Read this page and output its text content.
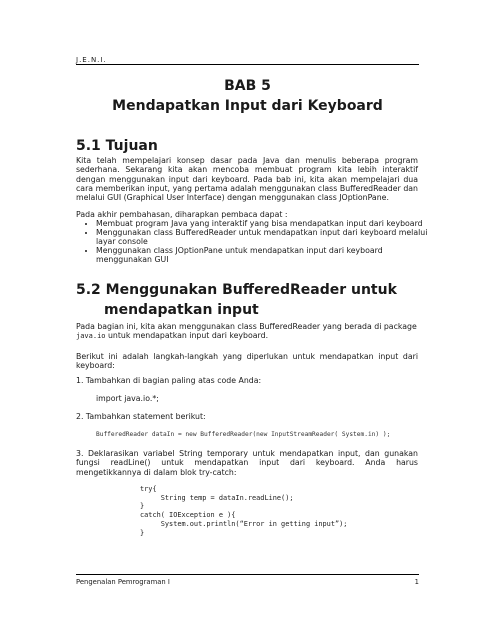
J.E.N.I.
BAB 5
Mendapatkan Input dari Keyboard
5.1 Tujuan
Kita telah mempelajari konsep dasar pada Java dan menulis beberapa program sederhana. Sekarang kita akan mencoba membuat program kita lebih interaktif dengan menggunakan input dari keyboard. Pada bab ini, kita akan mempelajari dua cara memberikan input, yang pertama adalah menggunakan class BufferedReader dan melalui GUI (Graphical User Interface) dengan menggunakan class JOptionPane.
Pada akhir pembahasan, diharapkan pembaca dapat :
• Membuat program Java yang interaktif yang bisa mendapatkan input dari keyboard
• Menggunakan class BufferedReader untuk mendapatkan input dari keyboard melalui layar console
• Menggunakan class JOptionPane untuk mendapatkan input dari keyboard menggunakan GUI
5.2 Menggunakan BufferedReader untuk
mendapatkan input
Pada bagian ini, kita akan menggunakan class BufferedReader yang berada di package java.io untuk mendapatkan input dari keyboard.
Berikut ini adalah langkah-langkah yang diperlukan untuk mendapatkan input dari keyboard:
1. Tambahkan di bagian paling atas code Anda:
import java.io.*;
2. Tambahkan statement berikut:
BufferedReader dataIn = new BufferedReader(new InputStreamReader( System.in) );
3. Deklarasikan variabel String temporary untuk mendapatkan input, dan gunakan fungsi readLine() untuk mendapatkan input dari keyboard. Anda harus mengetikkannya di dalam blok try-catch:
try{
String temp = dataIn.readLine();
}
catch( IOException e ){
System.out.println(“Error in getting input”);
}
Pengenalan Pemrograman I	1
